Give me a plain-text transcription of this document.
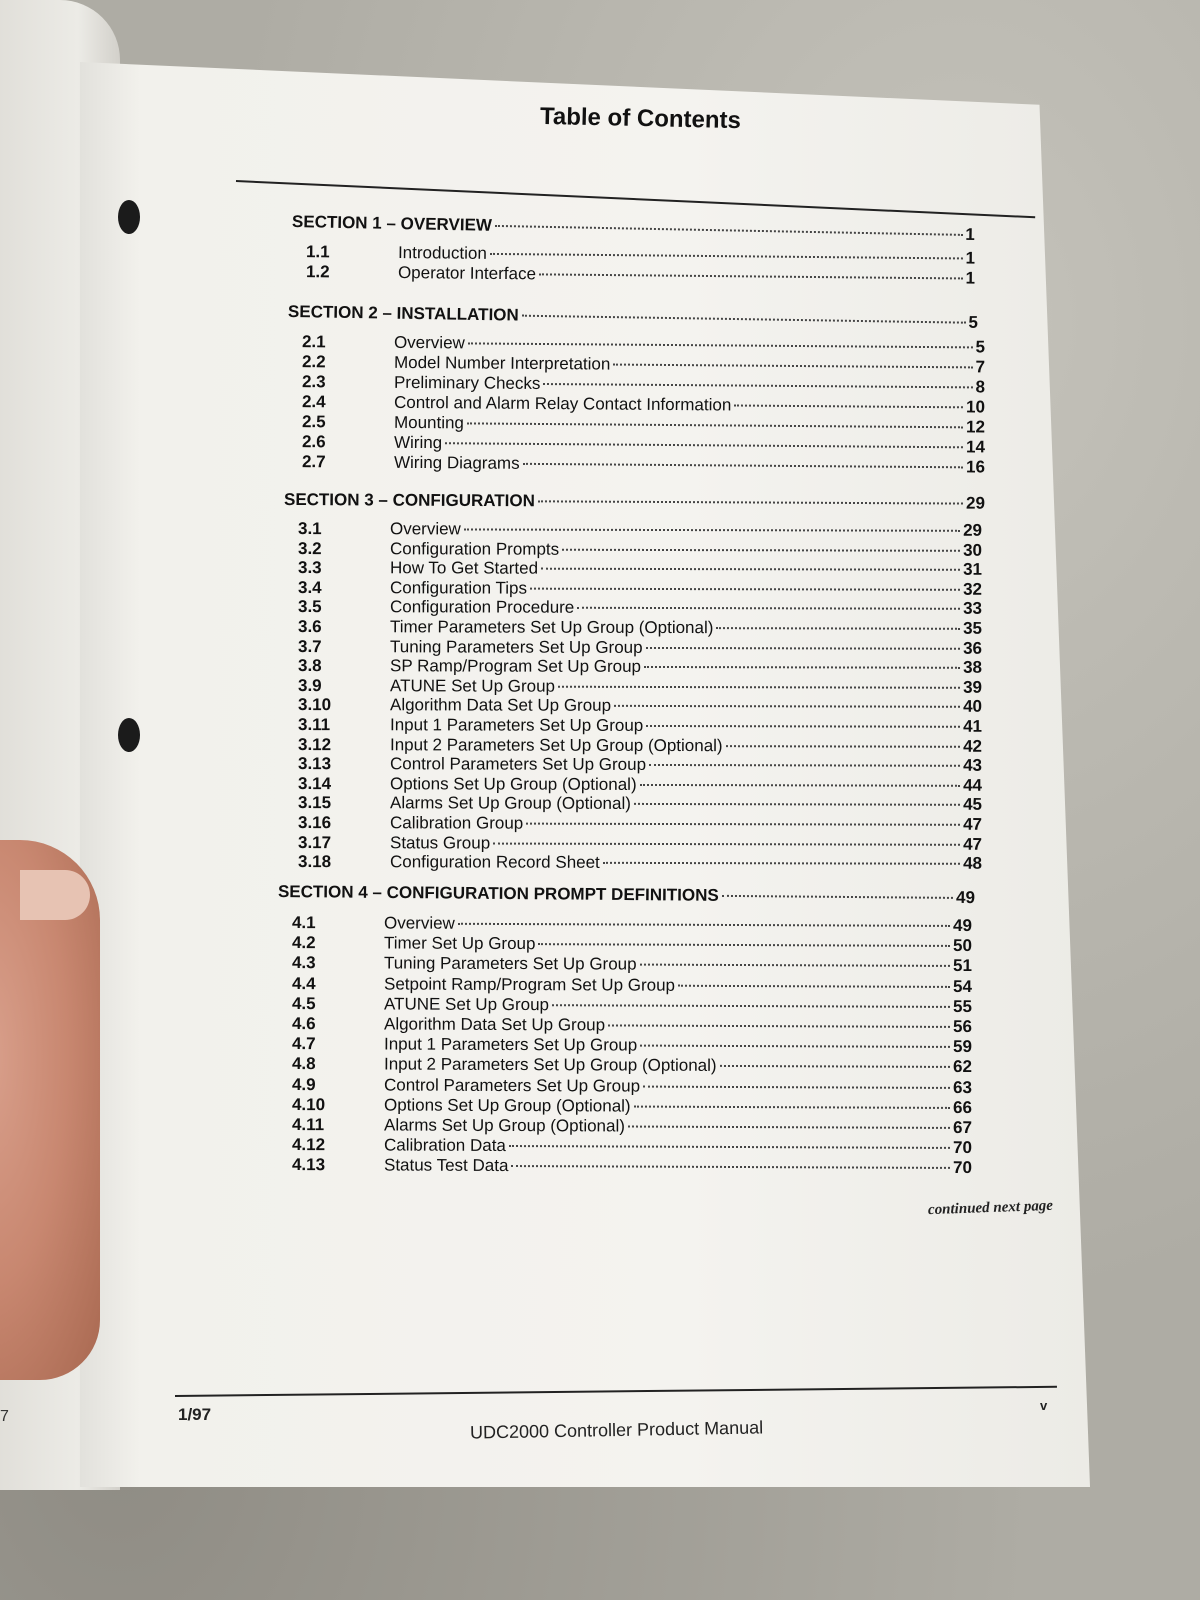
7
Table of Contents
SECTION 1 – OVERVIEW	1
1.1	Introduction	1
1.2	Operator Interface	1
SECTION 2 – INSTALLATION	5
2.1	Overview	5
2.2	Model Number Interpretation	7
2.3	Preliminary Checks	8
2.4	Control and Alarm Relay Contact Information	10
2.5	Mounting	12
2.6	Wiring	14
2.7	Wiring Diagrams	16
SECTION 3 – CONFIGURATION	29
3.1	Overview	29
3.2	Configuration Prompts	30
3.3	How To Get Started	31
3.4	Configuration Tips	32
3.5	Configuration Procedure	33
3.6	Timer Parameters Set Up Group (Optional)	35
3.7	Tuning Parameters Set Up Group	36
3.8	SP Ramp/Program Set Up Group	38
3.9	ATUNE Set Up Group	39
3.10	Algorithm Data Set Up Group	40
3.11	Input 1 Parameters Set Up Group	41
3.12	Input 2 Parameters Set Up Group (Optional)	42
3.13	Control Parameters Set Up Group	43
3.14	Options Set Up Group (Optional)	44
3.15	Alarms Set Up Group (Optional)	45
3.16	Calibration Group	47
3.17	Status Group	47
3.18	Configuration Record Sheet	48
SECTION 4 – CONFIGURATION PROMPT DEFINITIONS	49
4.1	Overview	49
4.2	Timer Set Up Group	50
4.3	Tuning Parameters Set Up Group	51
4.4	Setpoint Ramp/Program Set Up Group	54
4.5	ATUNE Set Up Group	55
4.6	Algorithm Data Set Up Group	56
4.7	Input 1 Parameters Set Up Group	59
4.8	Input 2 Parameters Set Up Group (Optional)	62
4.9	Control Parameters Set Up Group	63
4.10	Options Set Up Group (Optional)	66
4.11	Alarms Set Up Group (Optional)	67
4.12	Calibration Data	70
4.13	Status Test Data	70
continued next page
1/97
UDC2000 Controller Product Manual
v
